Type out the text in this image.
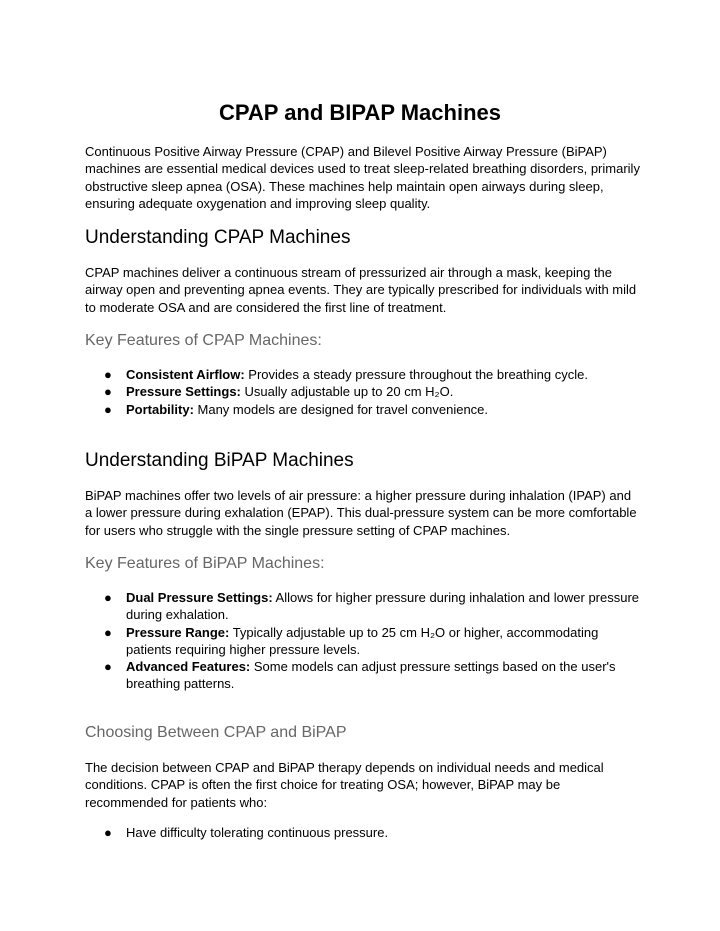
CPAP and BIPAP Machines

Continuous Positive Airway Pressure (CPAP) and Bilevel Positive Airway Pressure (BiPAP) machines are essential medical devices used to treat sleep-related breathing disorders, primarily obstructive sleep apnea (OSA). These machines help maintain open airways during sleep, ensuring adequate oxygenation and improving sleep quality.

Understanding CPAP Machines

CPAP machines deliver a continuous stream of pressurized air through a mask, keeping the airway open and preventing apnea events. They are typically prescribed for individuals with mild to moderate OSA and are considered the first line of treatment.

Key Features of CPAP Machines:
● Consistent Airflow: Provides a steady pressure throughout the breathing cycle.
● Pressure Settings: Usually adjustable up to 20 cm H₂O.
● Portability: Many models are designed for travel convenience.
Understanding BiPAP Machines

BiPAP machines offer two levels of air pressure: a higher pressure during inhalation (IPAP) and a lower pressure during exhalation (EPAP). This dual-pressure system can be more comfortable for users who struggle with the single pressure setting of CPAP machines.

Key Features of BiPAP Machines:
● Dual Pressure Settings: Allows for higher pressure during inhalation and lower pressure during exhalation.
● Pressure Range: Typically adjustable up to 25 cm H₂O or higher, accommodating patients requiring higher pressure levels.
● Advanced Features: Some models can adjust pressure settings based on the user's breathing patterns.
Choosing Between CPAP and BiPAP

The decision between CPAP and BiPAP therapy depends on individual needs and medical conditions. CPAP is often the first choice for treating OSA; however, BiPAP may be recommended for patients who:

● Have difficulty tolerating continuous pressure.
